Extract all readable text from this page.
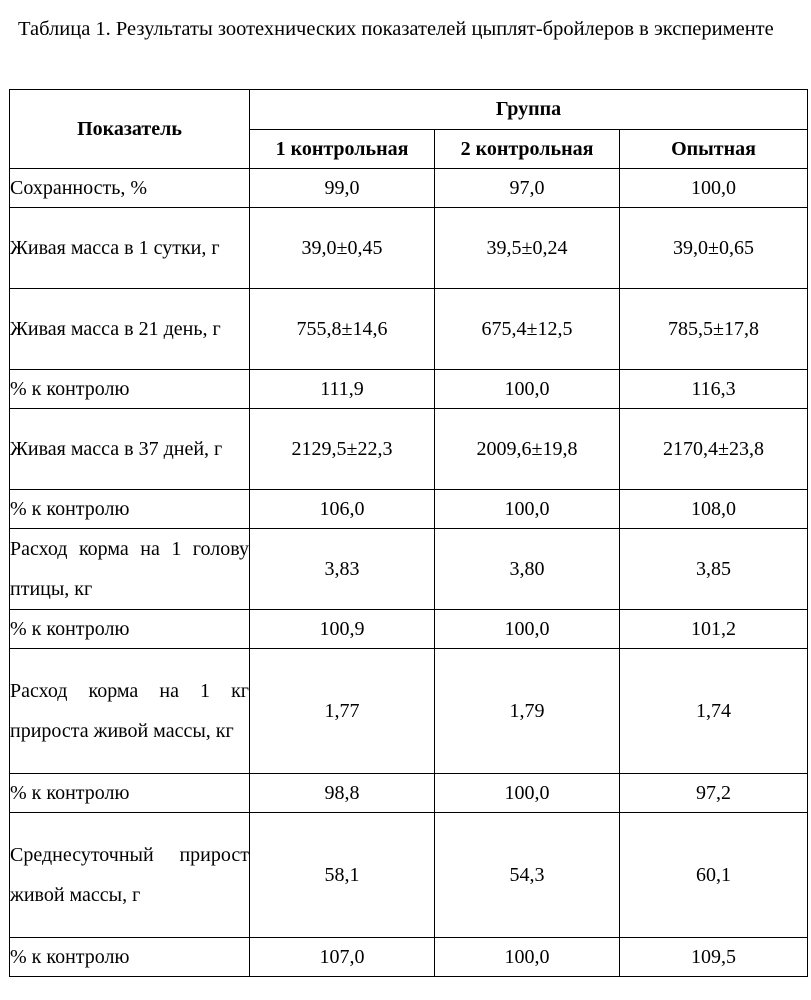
Таблица 1. Результаты зоотехнических показателей цыплят-бройлеров в эксперименте
Показатель	Группа		
	1 контрольная	2 контрольная	Опытная
Сохранность, %	99,0	97,0	100,0
Живая масса в 1 сутки, г	39,0±0,45	39,5±0,24	39,0±0,65
Живая масса в 21 день, г	755,8±14,6	675,4±12,5	785,5±17,8
% к контролю	111,9	100,0	116,3
Живая масса в 37 дней, г	2129,5±22,3	2009,6±19,8	2170,4±23,8
% к контролю	106,0	100,0	108,0
Расход корма на 1 голову птицы, кг	3,83	3,80	3,85
% к контролю	100,9	100,0	101,2
Расход корма на 1 кг прироста живой массы, кг	1,77	1,79	1,74
% к контролю	98,8	100,0	97,2
Среднесуточный прирост живой массы, г	58,1	54,3	60,1
% к контролю	107,0	100,0	109,5
